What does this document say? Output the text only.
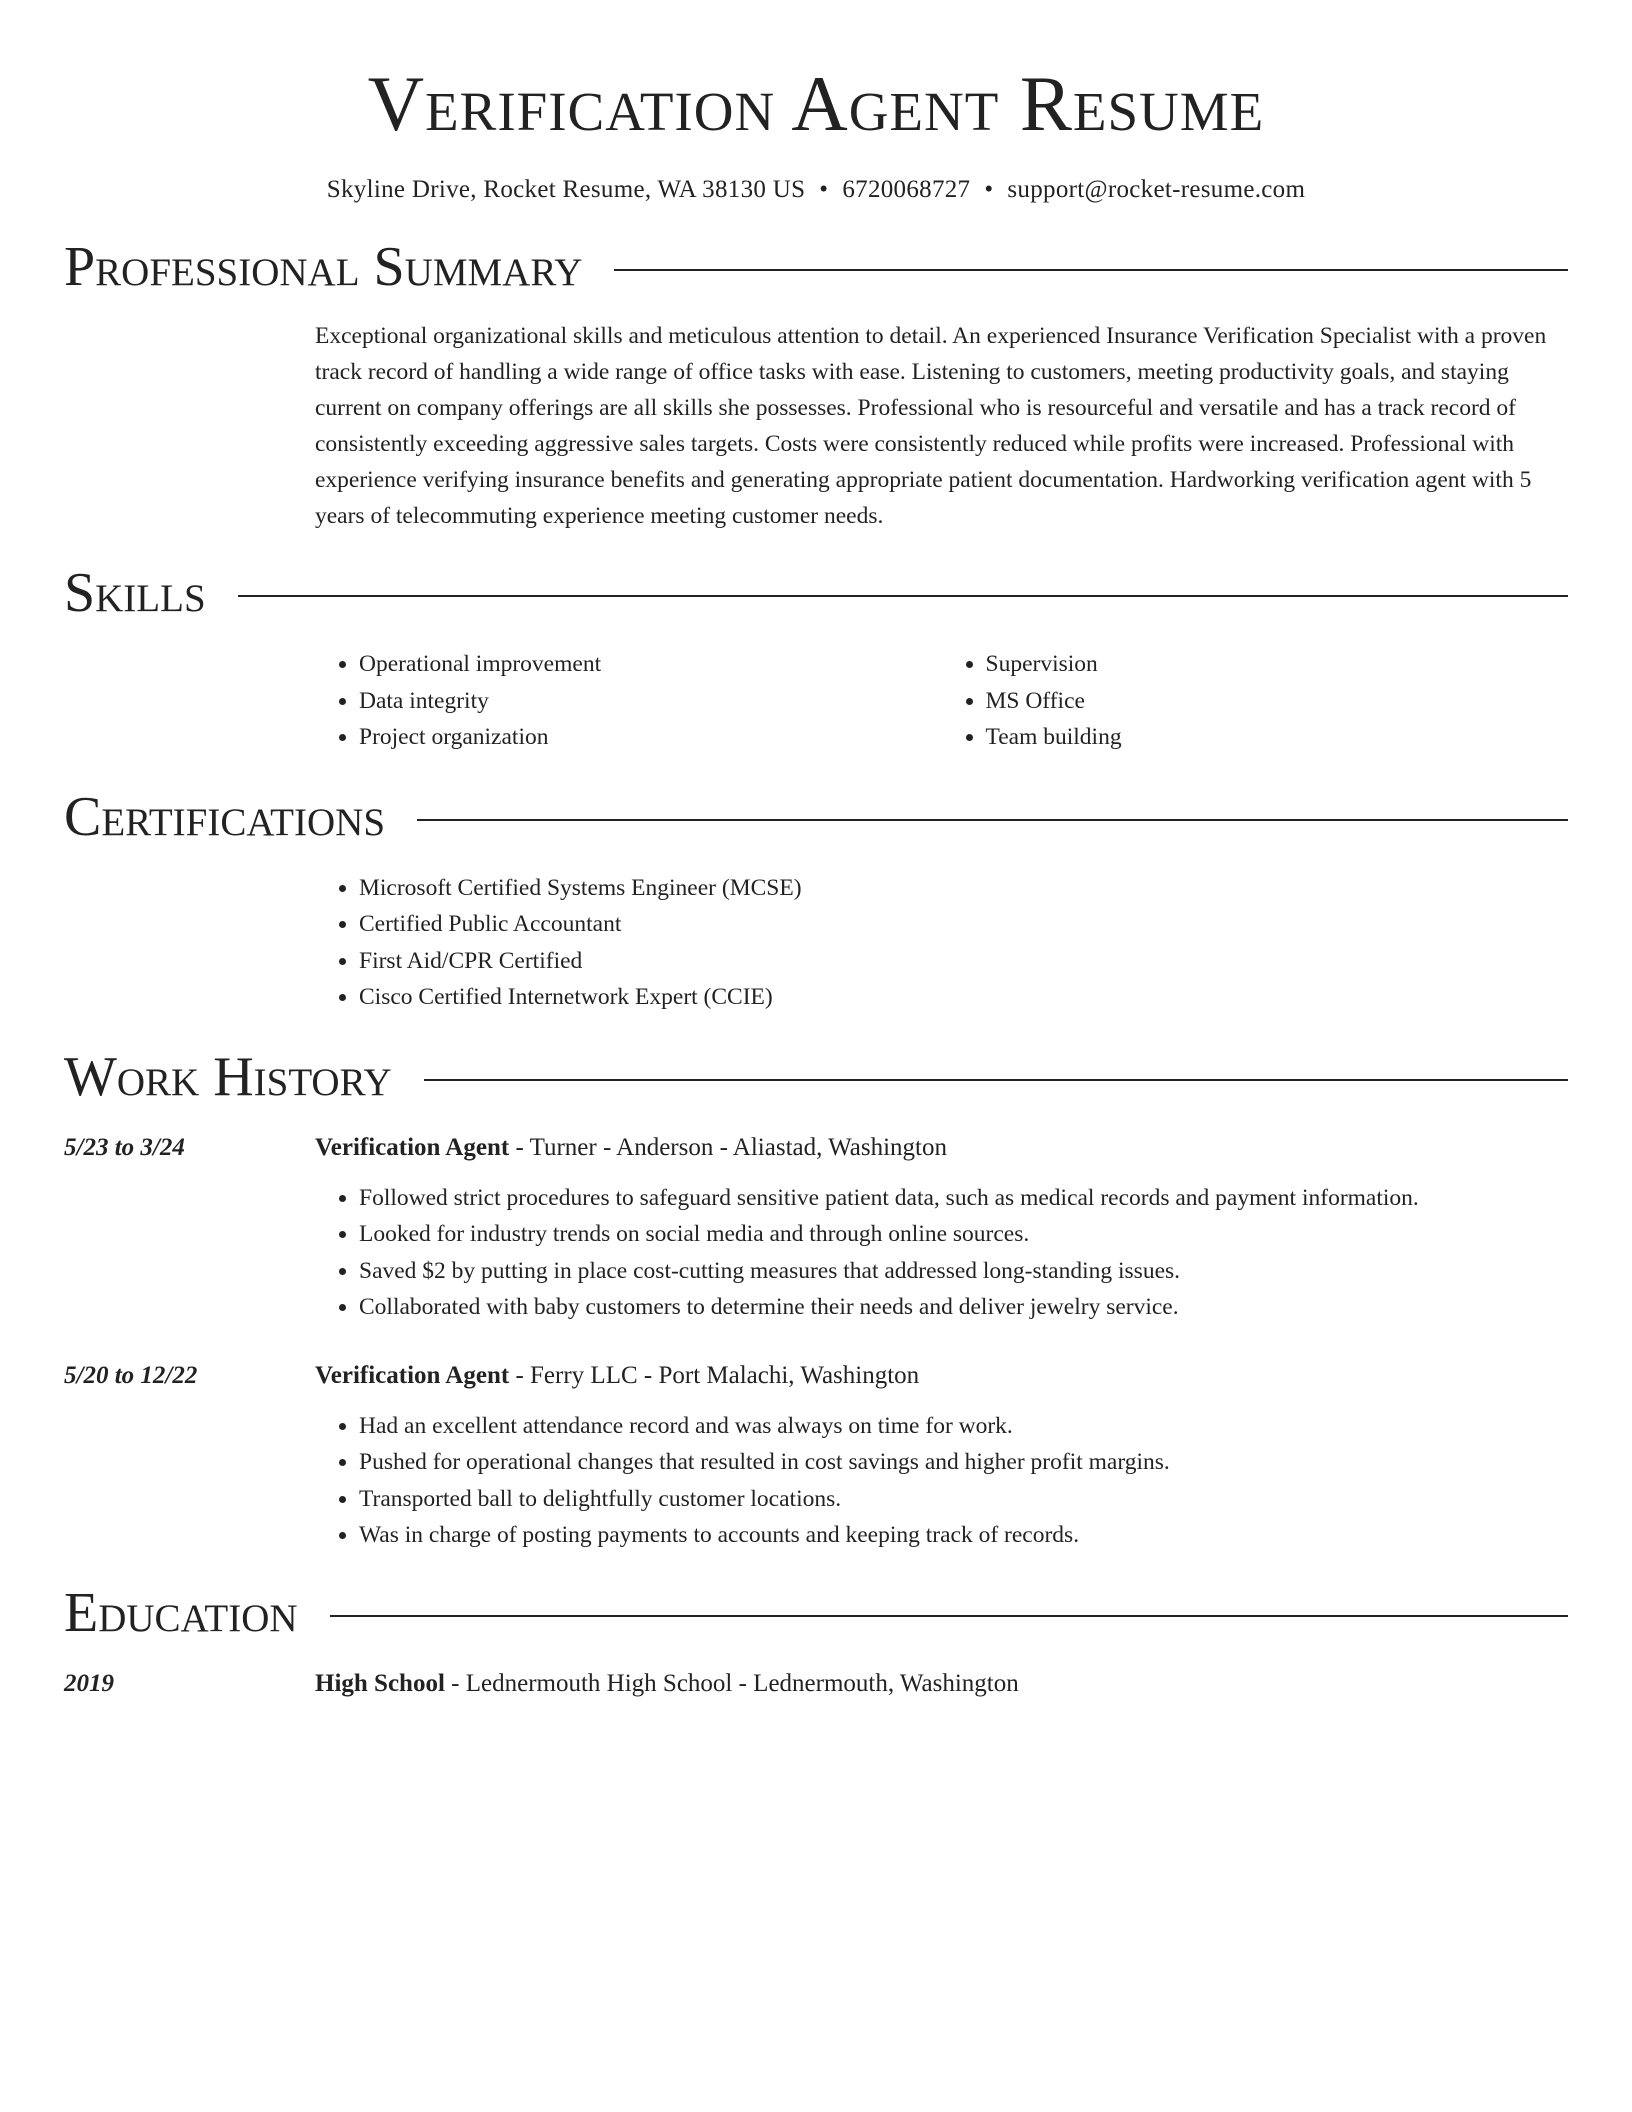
Verification Agent Resume
Skyline Drive, Rocket Resume, WA 38130 US • 6720068727 • support@rocket-resume.com
Professional Summary
Exceptional organizational skills and meticulous attention to detail. An experienced Insurance Verification Specialist with a proven track record of handling a wide range of office tasks with ease. Listening to customers, meeting productivity goals, and staying current on company offerings are all skills she possesses. Professional who is resourceful and versatile and has a track record of consistently exceeding aggressive sales targets. Costs were consistently reduced while profits were increased. Professional with experience verifying insurance benefits and generating appropriate patient documentation. Hardworking verification agent with 5 years of telecommuting experience meeting customer needs.
Skills
• Operational improvement
• Data integrity
• Project organization
• Supervision
• MS Office
• Team building
Certifications
• Microsoft Certified Systems Engineer (MCSE)
• Certified Public Accountant
• First Aid/CPR Certified
• Cisco Certified Internetwork Expert (CCIE)
Work History
5/23 to 3/24	Verification Agent - Turner - Anderson - Aliastad, Washington
• Followed strict procedures to safeguard sensitive patient data, such as medical records and payment information.
• Looked for industry trends on social media and through online sources.
• Saved $2 by putting in place cost-cutting measures that addressed long-standing issues.
• Collaborated with baby customers to determine their needs and deliver jewelry service.
5/20 to 12/22	Verification Agent - Ferry LLC - Port Malachi, Washington
• Had an excellent attendance record and was always on time for work.
• Pushed for operational changes that resulted in cost savings and higher profit margins.
• Transported ball to delightfully customer locations.
• Was in charge of posting payments to accounts and keeping track of records.
Education
2019	High School - Lednermouth High School - Lednermouth, Washington
